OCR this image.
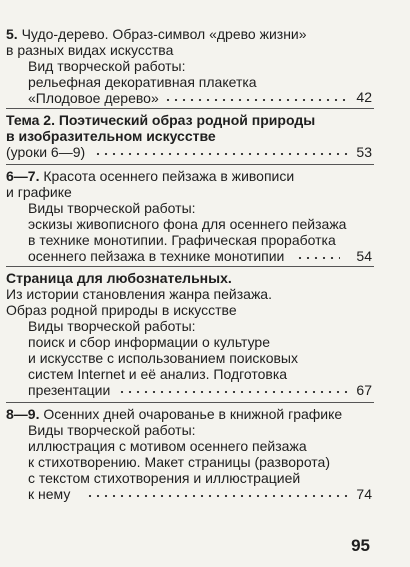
5. Чудо-дерево. Образ-символ «древо жизни»
в разных видах искусства
Вид творческой работы:
рельефная декоративная плакетка
«Плодовое дерево»	42
Тема 2. Поэтический образ родной природы
в изобразительном искусстве
(уроки 6—9)	53
6—7. Красота осеннего пейзажа в живописи
и графике
Виды творческой работы:
эскизы живописного фона для осеннего пейзажа
в технике монотипии. Графическая проработка
осеннего пейзажа в технике монотипии	54
Страница для любознательных.
Из истории становления жанра пейзажа.
Образ родной природы в искусстве
Виды творческой работы:
поиск и сбор информации о культуре
и искусстве с использованием поисковых
систем Internet и её анализ. Подготовка
презентации	67
8—9. Осенних дней очарованье в книжной графике
Виды творческой работы:
иллюстрация с мотивом осеннего пейзажа
к стихотворению. Макет страницы (разворота)
с текстом стихотворения и иллюстрацией
к нему	74
95
